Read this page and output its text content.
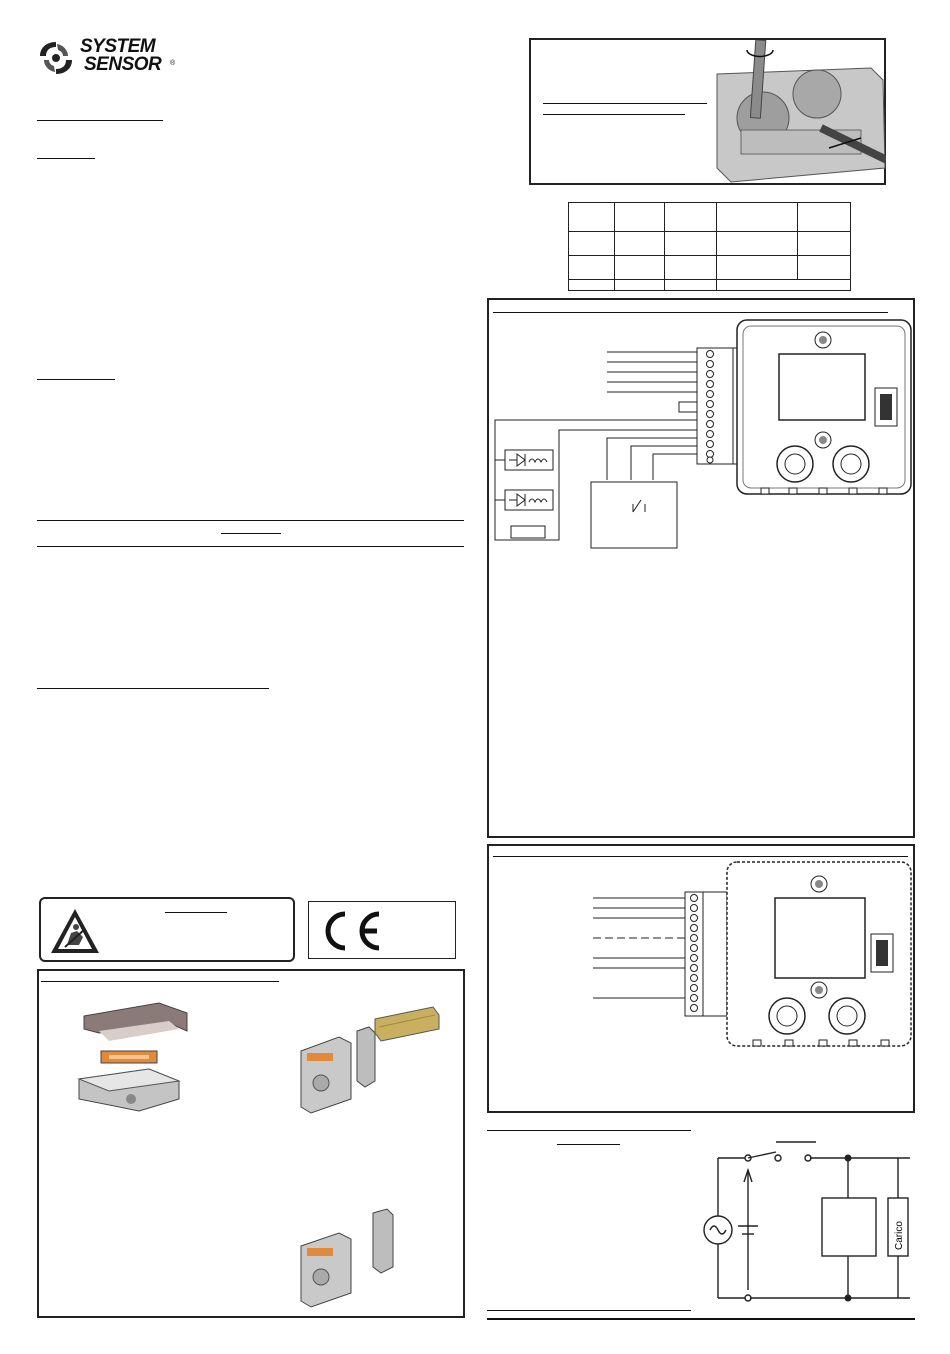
SYSTEM
SENSOR ®

Carico
